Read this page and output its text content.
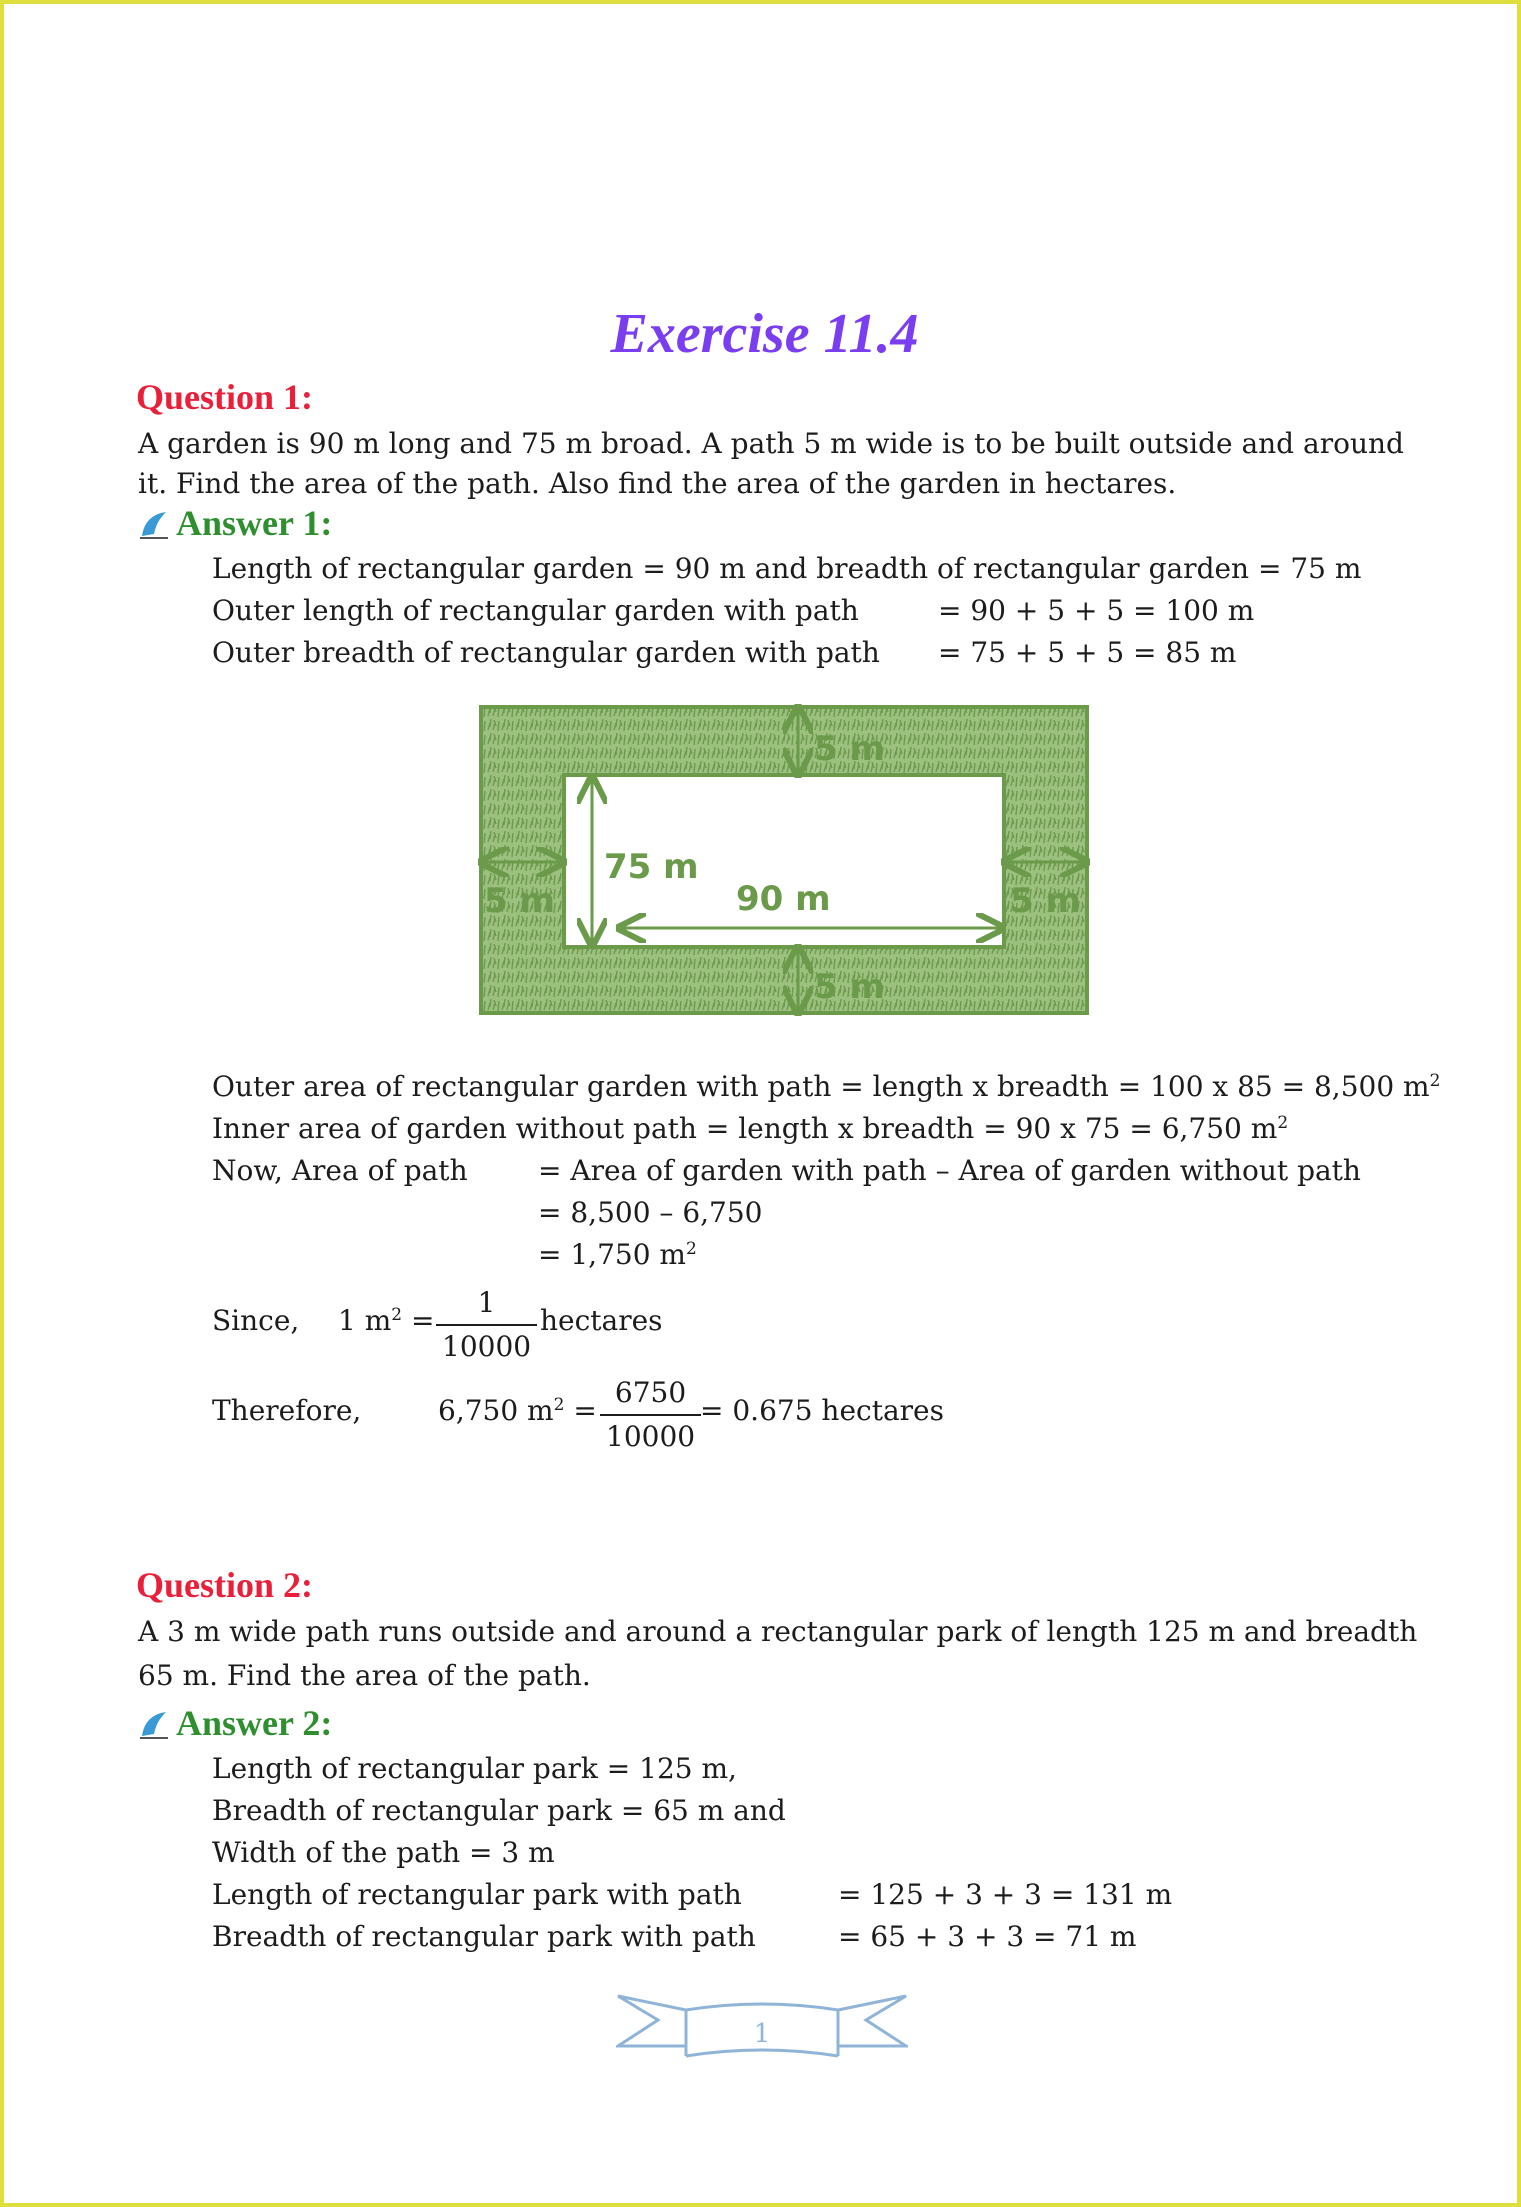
Exercise 11.4
Question 1:
A garden is 90 m long and 75 m broad. A path 5 m wide is to be built outside and around
it. Find the area of the path. Also find the area of the garden in hectares.
Answer 1:
Length of rectangular garden = 90 m and breadth of rectangular garden = 75 m
Outer length of rectangular garden with path	= 90 + 5 + 5 = 100 m
Outer breadth of rectangular garden with path = 75 + 5 + 5 = 85 m
5 m
75 m
90 m
5 m	5 m
5 m
Outer area of rectangular garden with path = length x breadth = 100 x 85 = 8,500 $m^2$
Inner area of garden without path = length x breadth = 90 x 75 = 6,750 $m^2$
Now, Area of path	= Area of garden with path – Area of garden without path
= 8,500 – 6,750
= 1,750 $m^2$
Since, 1 $m^2$ =
1
10000
hectares
Therefore,	6,750 $m^2$ =
6750
10000
= 0.675 hectares
Question 2:
A 3 m wide path runs outside and around a rectangular park of length 125 m and breadth
65 m. Find the area of the path.
Answer 2:
Length of rectangular park = 125 m,
Breadth of rectangular park = 65 m and
Width of the path = 3 m
Length of rectangular park with path	= 125 + 3 + 3 = 131 m
Breadth of rectangular park with path	= 65 + 3 + 3 = 71 m
1
